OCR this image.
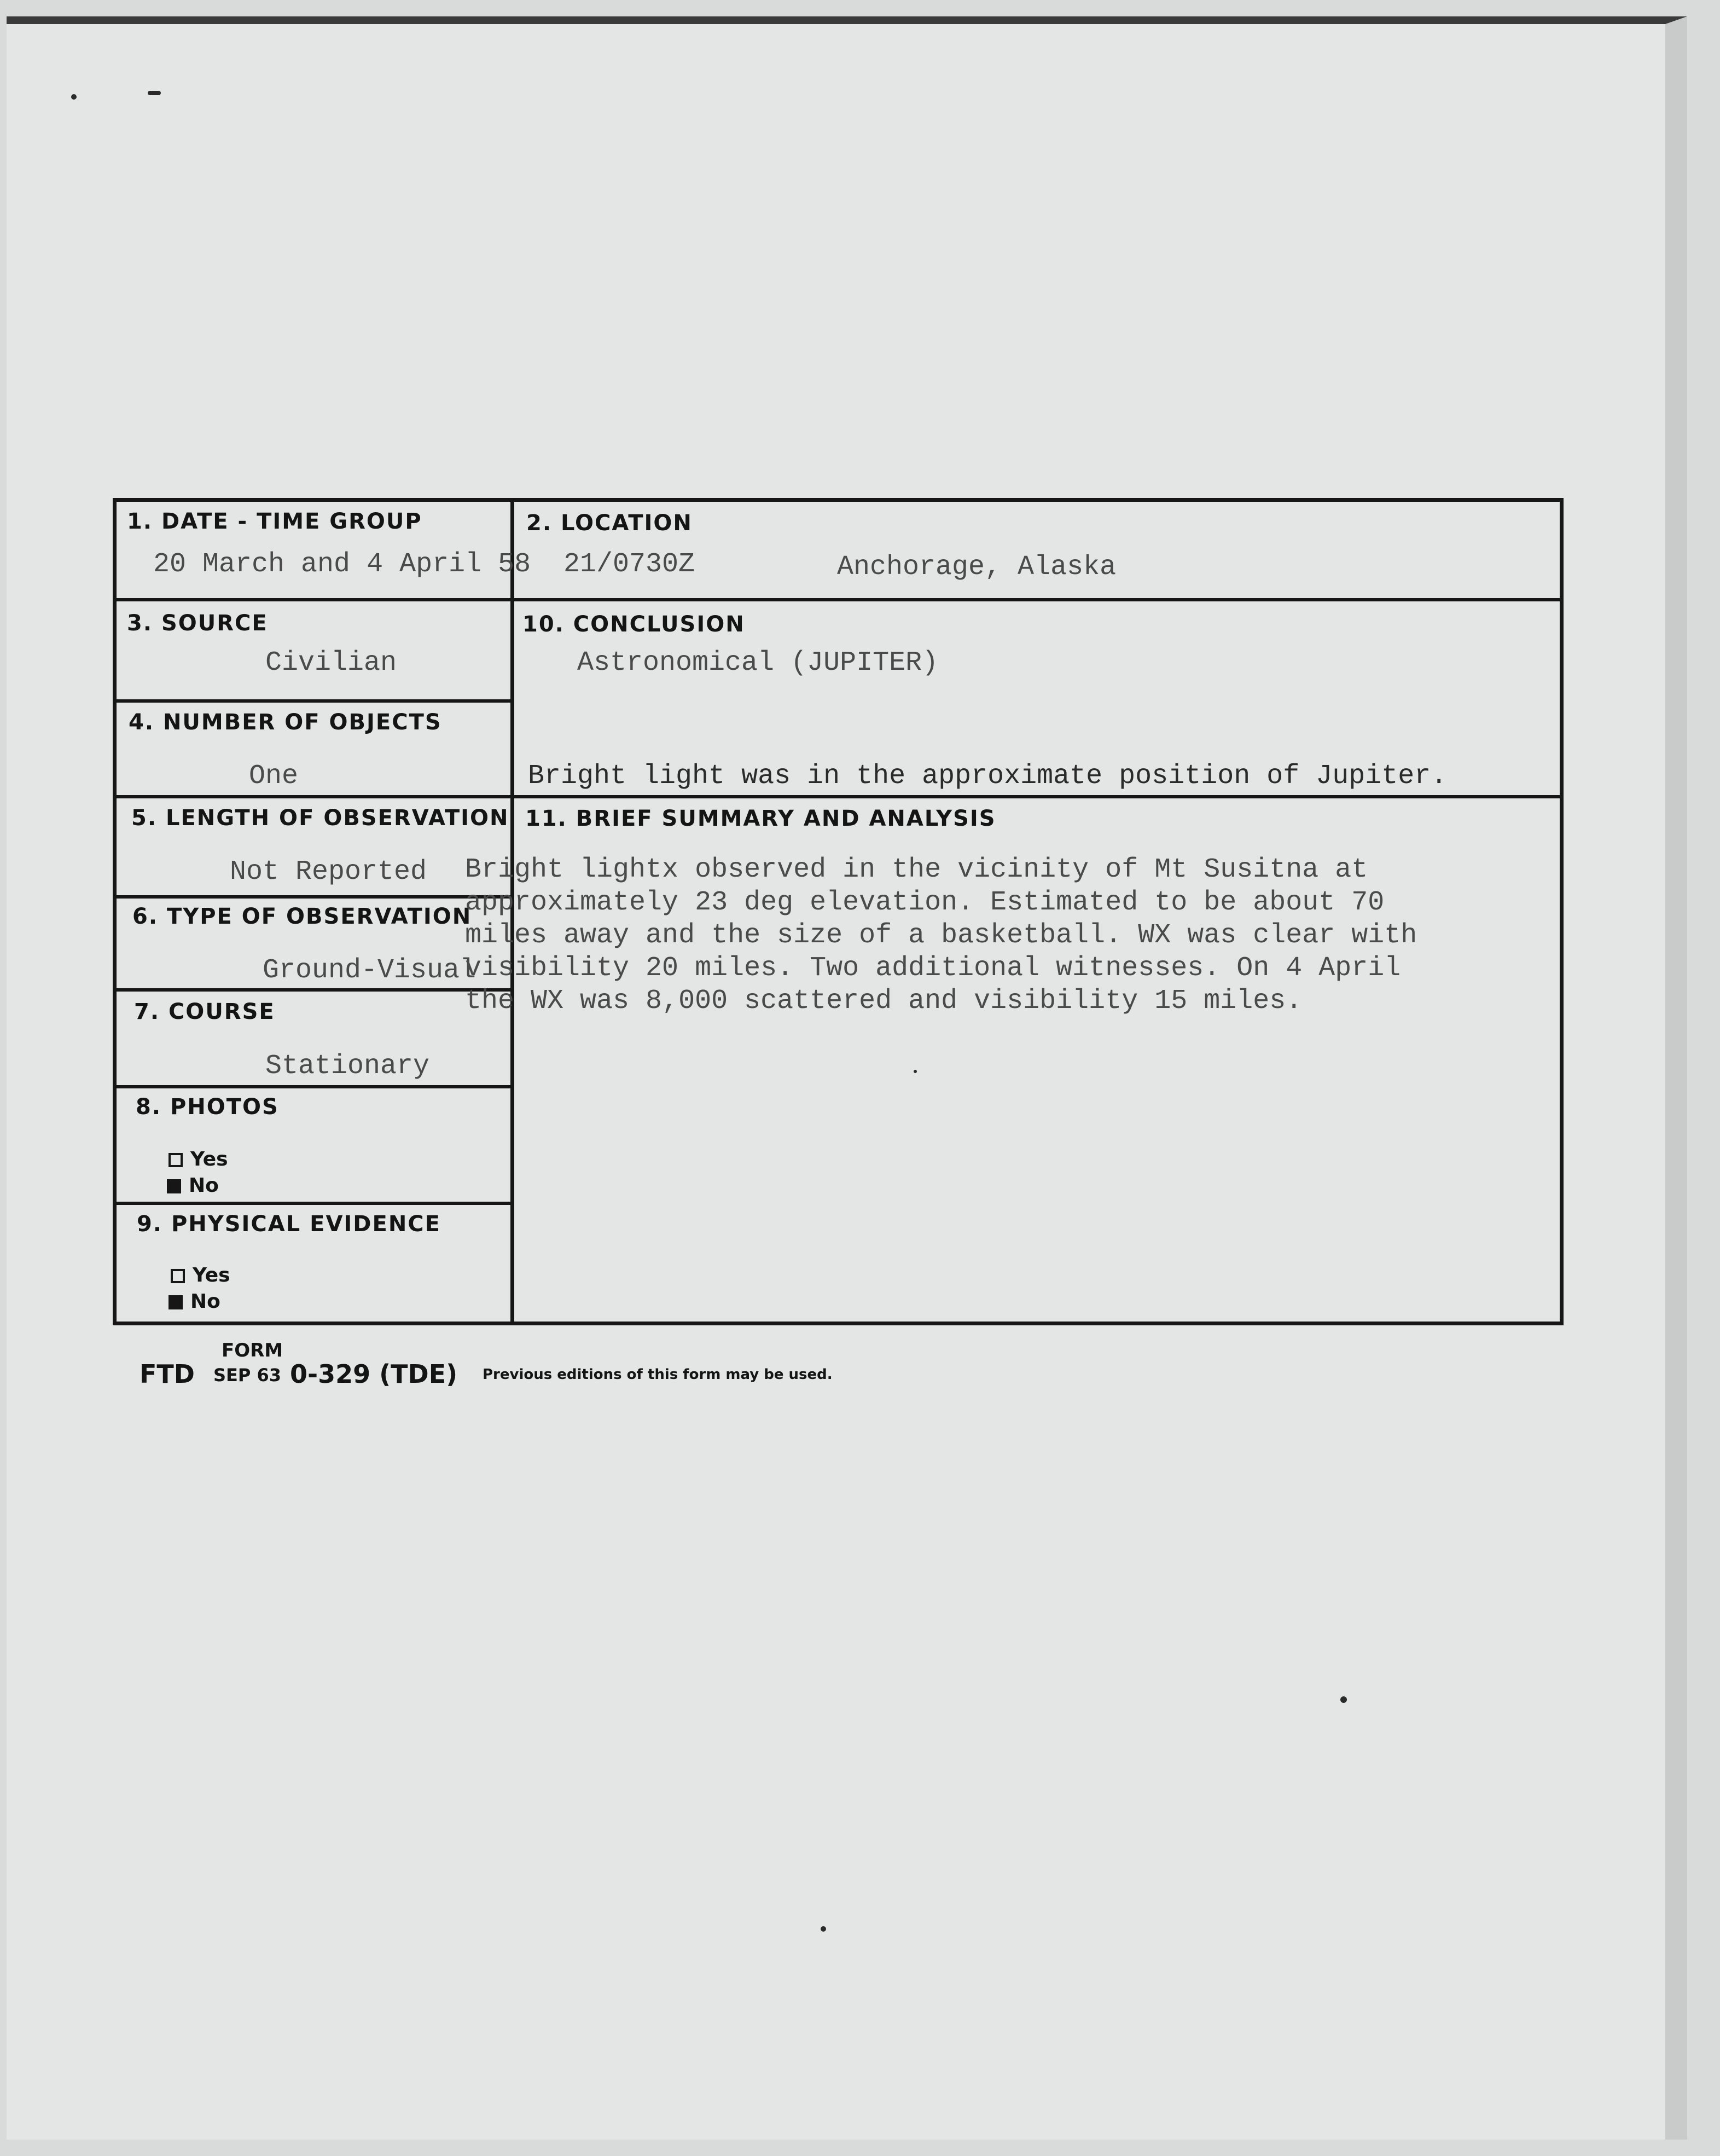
1. DATE - TIME GROUP
20 March and 4 April 58
2. LOCATION
21/0730Z	Anchorage, Alaska
3. SOURCE
Civilian
4. NUMBER OF OBJECTS
One
5. LENGTH OF OBSERVATION
Not Reported
6. TYPE OF OBSERVATION
Ground-Visual
7. COURSE
Stationary
8. PHOTOS
Yes
No
9. PHYSICAL EVIDENCE
Yes
No
10. CONCLUSION
Astronomical (JUPITER)
Bright light was in the approximate position of Jupiter.
11. BRIEF SUMMARY AND ANALYSIS
Bright lightx observed in the vicinity of Mt Susitna at
approximately 23 deg elevation. Estimated to be about 70
miles away and the size of a basketball. WX was clear with
visibility 20 miles. Two additional witnesses. On 4 April
the WX was 8,000 scattered and visibility 15 miles.
FORM
FTD SEP 63 0-329 (TDE) Previous editions of this form may be used.
